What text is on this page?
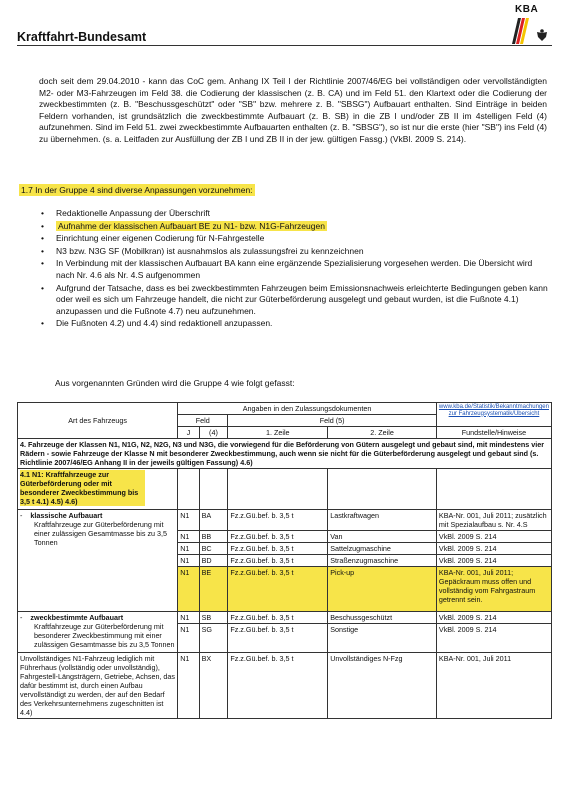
Kraftfahrt-Bundesamt
KBA
doch seit dem 29.04.2010 - kann das CoC gem. Anhang IX Teil I der Richtlinie 2007/46/EG bei vollständigen oder vervollständigten M2- oder M3-Fahrzeugen im Feld 38. die Codierung der klassischen (z. B. CA) und im Feld 51. den Klartext oder die Codierung der zweckbestimmten (z. B. "Beschussgeschützt" oder "SB" bzw. mehrere z. B. "SBSG") Aufbauart enthalten. Sind Einträge in beiden Feldern vorhanden, ist grundsätzlich die zweckbestimmte Aufbauart (z. B. SB) in die ZB I und/oder ZB II im 4stelligen Feld (4) aufzunehmen. Sind im Feld 51. zwei zweckbestimmte Aufbauarten enthalten (z. B. "SBSG"), so ist nur die erste (hier "SB") ins Feld (4) zu übernehmen. (s. a. Leitfaden zur Ausfüllung der ZB I und ZB II in der jew. gültigen Fassg.) (VkBl. 2009 S. 214).
1.7 In der Gruppe 4 sind diverse Anpassungen vorzunehmen:
• Redaktionelle Anpassung der Überschrift
• Aufnahme der klassischen Aufbauart BE zu N1- bzw. N1G-Fahrzeugen
• Einrichtung einer eigenen Codierung für N-Fahrgestelle
• N3 bzw. N3G SF (Mobilkran) ist ausnahmslos als zulassungsfrei zu kennzeichnen
• In Verbindung mit der klassischen Aufbauart BA kann eine ergänzende Spezialisierung vorgesehen werden. Die Übersicht wird nach Nr. 4.6 als Nr. 4.S aufgenommen
• Aufgrund der Tatsache, dass es bei zweckbestimmten Fahrzeugen beim Emissionsnachweis erleichterte Bedingungen geben kann oder weil es sich um Fahrzeuge handelt, die nicht zur Güterbeförderung ausgelegt und gebaut wurden, ist die Fußnote 4.1) anzupassen und die Fußnote 4.7) neu aufzunehmen.
• Die Fußnoten 4.2) und 4.4) sind redaktionell anzupassen.
Aus vorgenannten Gründen wird die Gruppe 4 wie folgt gefasst:
Art des Fahrzeugs	Angaben in den Zulassungsdokumenten				www.kba.de/Statistik/Bekanntmachungen zur Fahrzeugsystematik/Übersicht

	Feld		Feld (5)		
	J	(4)	1. Zeile	2. Zeile	Fundstelle/Hinweise
4. Fahrzeuge der Klassen N1, N1G, N2, N2G, N3 und N3G, die vorwiegend für die Beförderung von Gütern ausgelegt und gebaut sind, mit mindestens vier Rädern - sowie Fahrzeuge der Klasse N mit besonderer Zweckbestimmung, auch wenn sie nicht für die Güterbeförderung ausgelegt und gebaut sind (s. Richtlinie 2007/46/EG Anhang II in der jeweils gültigen Fassung) 4.6)					

4.1 N1: Kraftfahrzeuge zur Güterbeförderung oder mit besonderer Zweckbestimmung bis 3,5 t 4.1) 4.5) 4.6)					

-    klassische Aufbauart
Kraftfahrzeuge zur Güterbeförderung mit einer zulässigen Gesamtmasse bis zu 3,5 Tonnen	N1	BA	Fz.z.Gü.bef. b. 3,5 t	Lastkraftwagen	KBA-Nr. 001, Juli 2011; zusätzlich mit Spezialaufbau s. Nr. 4.S
	N1	BB	Fz.z.Gü.bef. b. 3,5 t	Van	VkBl. 2009 S. 214
	N1	BC	Fz.z.Gü.bef. b. 3,5 t	Sattelzugmaschine	VkBl. 2009 S. 214
	N1	BD	Fz.z.Gü.bef. b. 3,5 t	Straßenzugmaschine	VkBl. 2009 S. 214
	N1	BE	Fz.z.Gü.bef. b. 3,5 t	Pick-up	KBA-Nr. 001, Juli 2011; Gepäckraum muss offen und vollständig vom Fahrgastraum getrennt sein.

-    zweckbestimmte Aufbauart
Kraftfahrzeuge zur Güterbeförderung mit besonderer Zweckbestimmung mit einer zulässigen Gesamtmasse bis zu 3,5 Tonnen	N1	SB	Fz.z.Gü.bef. b. 3,5 t	Beschussgeschützt	VkBl. 2009 S. 214
	N1	SG	Fz.z.Gü.bef. b. 3,5 t	Sonstige	VkBl. 2009 S. 214
Unvollständiges N1-Fahrzeug lediglich mit Führerhaus (vollständig oder unvollständig), Fahrgestell-Längsträgern, Getriebe, Achsen, das dafür bestimmt ist, durch einen Aufbau vervollständigt zu werden, der auf den Bedarf des Verkehrsunternehmens zugeschnitten ist 4.4)	N1	BX	Fz.z.Gü.bef. b. 3,5 t	Unvollständiges N-Fzg	KBA-Nr. 001, Juli 2011
